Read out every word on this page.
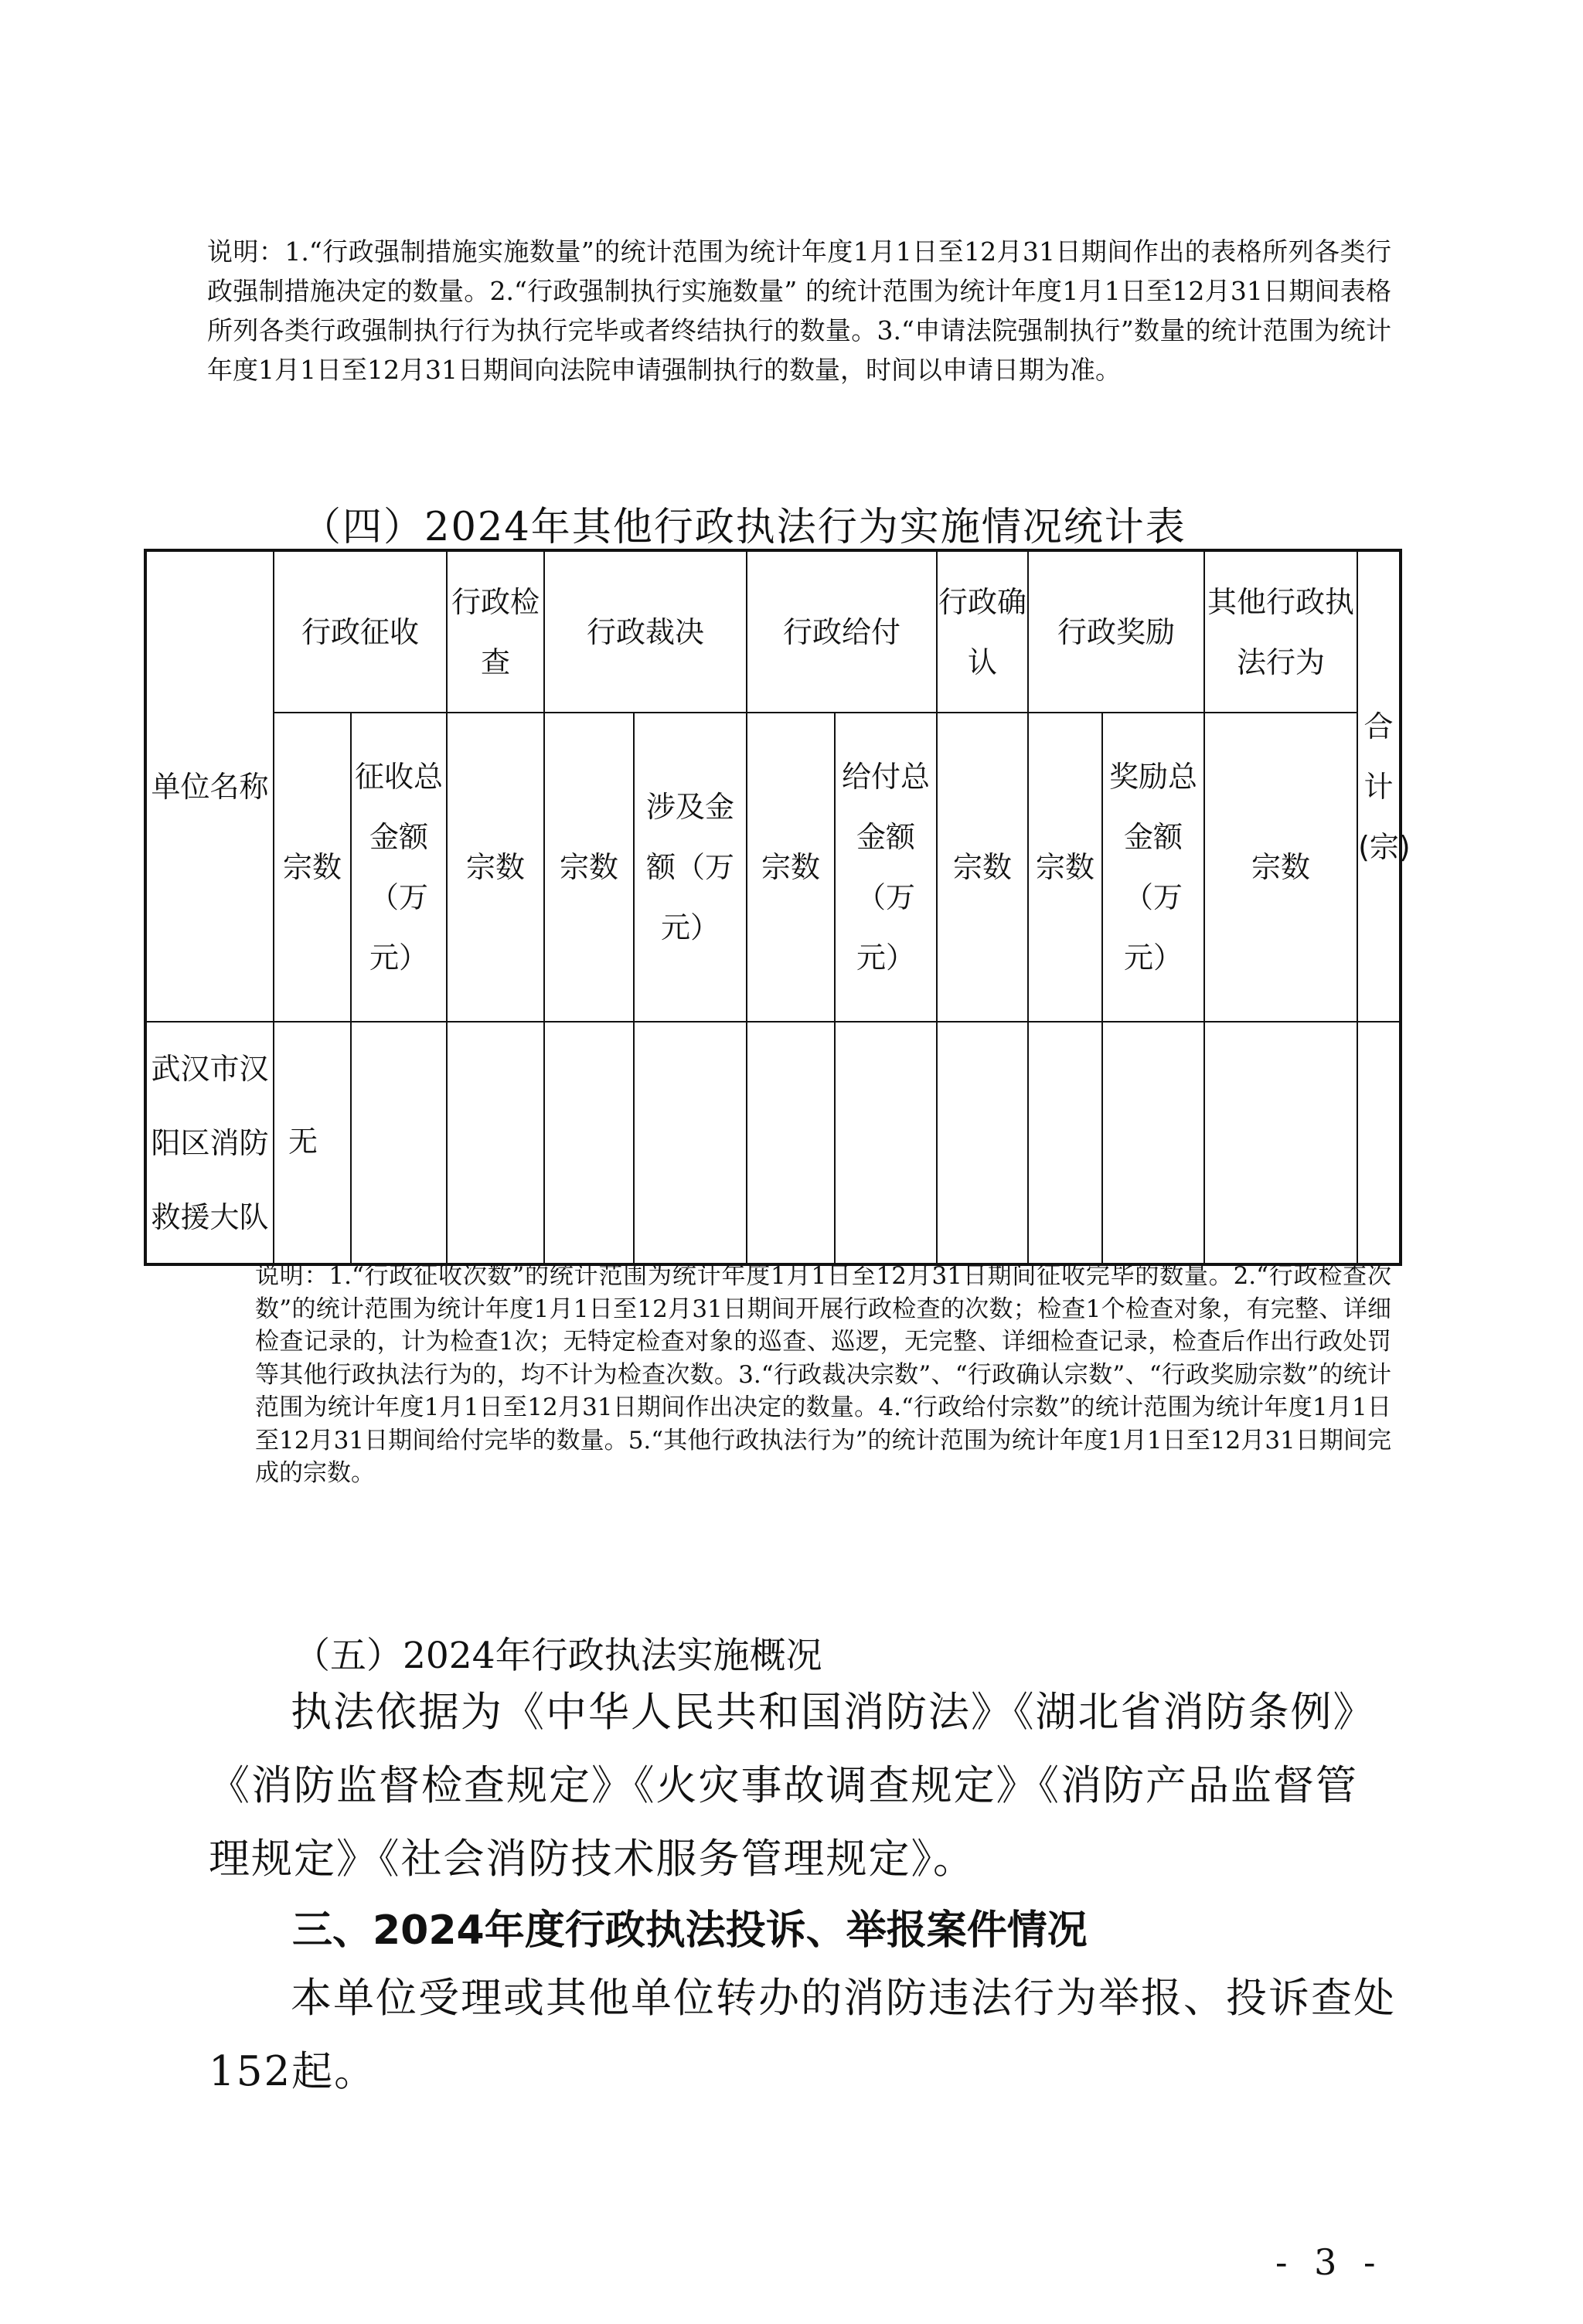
说明：1.“行政强制措施实施数量”的统计范围为统计年度1月1日至12月31日期间作出的表格所列各类行政强制措施决定的数量。2.“行政强制执行实施数量” 的统计范围为统计年度1月1日至12月31日期间表格所列各类行政强制执行行为执行完毕或者终结执行的数量。3.“申请法院强制执行”数量的统计范围为统计年度1月1日至12月31日期间向法院申请强制执行的数量，时间以申请日期为准。

（四）2024年其他行政执法行为实施情况统计表
单位名称	行政征收		行政检查	行政裁决		行政给付		行政确认	行政奖励		其他行政执法行为	合计(宗)
	宗数	征收总金额（万元）	宗数	宗数	涉及金额（万元）	宗数	给付总金额（万元）	宗数	宗数	奖励总金额（万元）	宗数	
武汉市汉阳区消防救援大队	无											

说明：1.“行政征收次数”的统计范围为统计年度1月1日至12月31日期间征收完毕的数量。2.“行政检查次数”的统计范围为统计年度1月1日至12月31日期间开展行政检查的次数；检查1个检查对象，有完整、详细检查记录的，计为检查1次；无特定检查对象的巡查、巡逻，无完整、详细检查记录，检查后作出行政处罚等其他行政执法行为的，均不计为检查次数。3.“行政裁决宗数”、“行政确认宗数”、“行政奖励宗数”的统计范围为统计年度1月1日至12月31日期间作出决定的数量。4.“行政给付宗数”的统计范围为统计年度1月1日至12月31日期间给付完毕的数量。5.“其他行政执法行为”的统计范围为统计年度1月1日至12月31日期间完成的宗数。

（五）2024年行政执法实施概况

执法依据为《中华人民共和国消防法》《湖北省消防条例》《消防监督检查规定》《火灾事故调查规定》《消防产品监督管理规定》《社会消防技术服务管理规定》。

三、2024年度行政执法投诉、举报案件情况

本单位受理或其他单位转办的消防违法行为举报、投诉查处152起。

- 3 -
